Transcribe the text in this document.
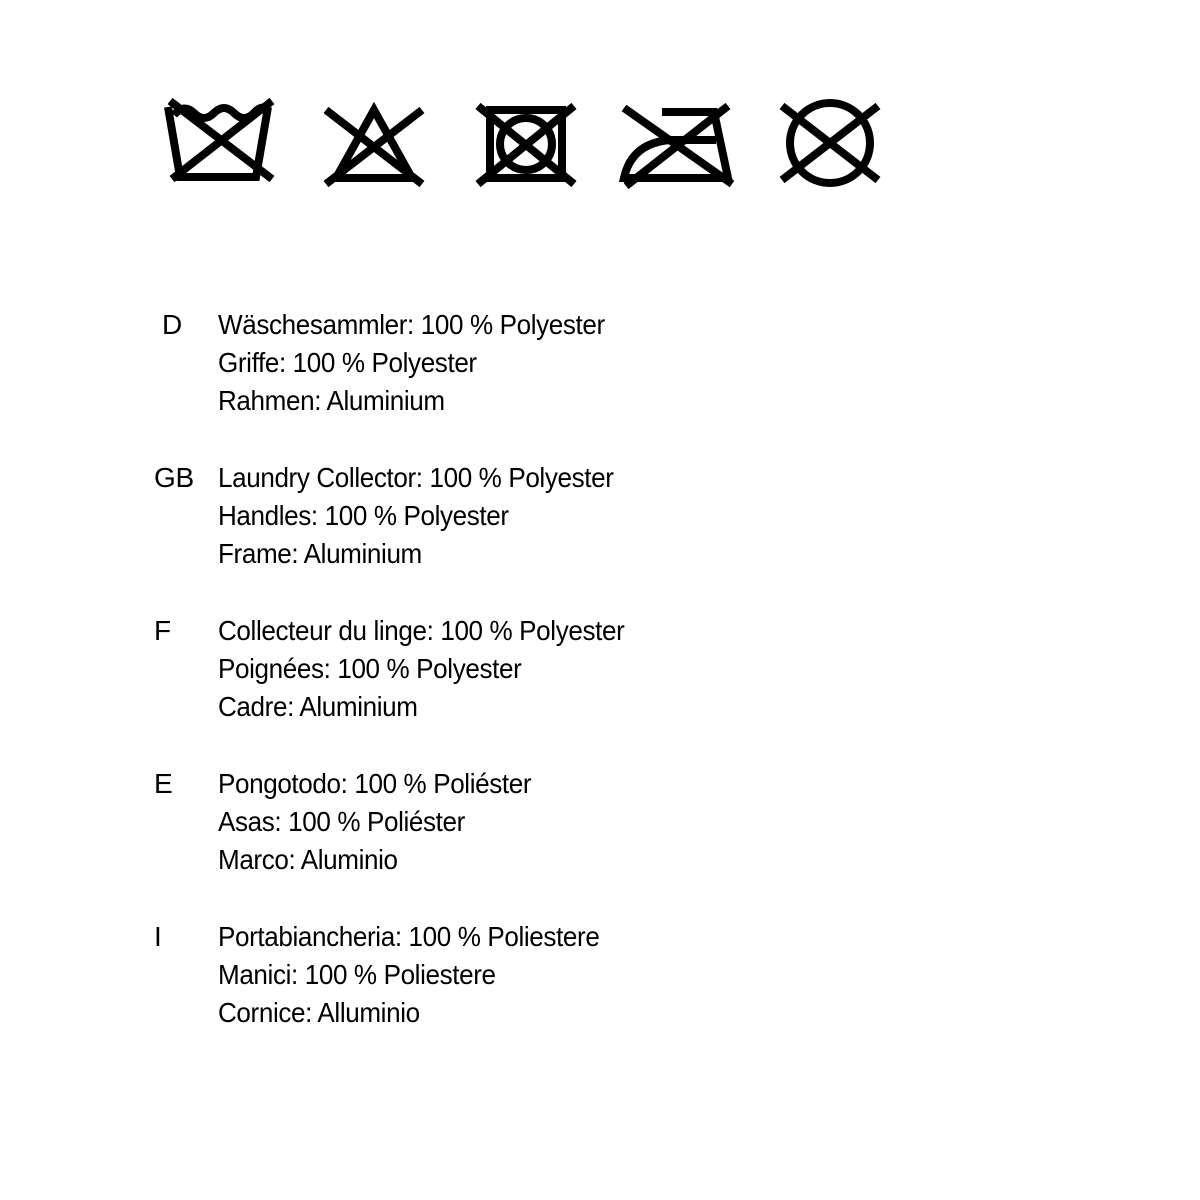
D	Wäschesammler: 100 % Polyester
Griffe: 100 % Polyester
Rahmen: Aluminium
GB Laundry Collector: 100 % Polyester
Handles: 100 % Polyester
Frame: Aluminium
F	Collecteur du linge: 100 % Polyester
Poignées: 100 % Polyester
Cadre: Aluminium
E	Pongotodo: 100 % Poliéster
Asas: 100 % Poliéster
Marco: Aluminio
I	Portabiancheria: 100 % Poliestere
Manici: 100 % Poliestere
Cornice: Alluminio
